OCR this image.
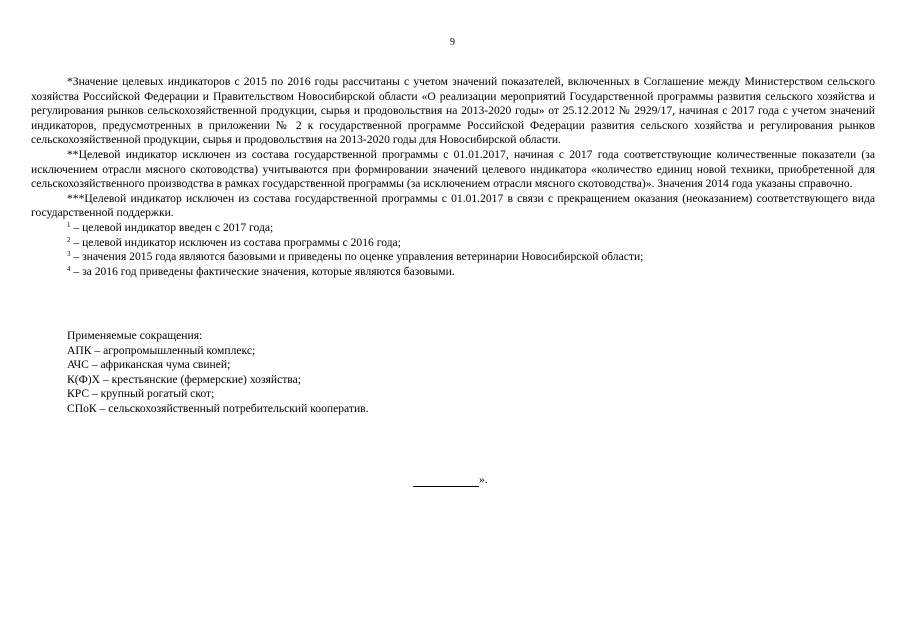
9

*Значение целевых индикаторов с 2015 по 2016 годы рассчитаны с учетом значений показателей, включенных в Соглашение между Министерством сельского хозяйства Российской Федерации и Правительством Новосибирской области «О реализации мероприятий Государственной программы развития сельского хозяйства и регулирования рынков сельскохозяйственной продукции, сырья и продовольствия на 2013-2020 годы» от 25.12.2012 № 2929/17, начиная с 2017 года с учетом значений индикаторов, предусмотренных в приложении № 2 к государственной программе Российской Федерации развития сельского хозяйства и регулирования рынков сельскохозяйственной продукции, сырья и продовольствия на 2013-2020 годы для Новосибирской области.

**Целевой индикатор исключен из состава государственной программы с 01.01.2017, начиная с 2017 года соответствующие количественные показатели (за исключением отрасли мясного скотоводства) учитываются при формировании значений целевого индикатора «количество единиц новой техники, приобретенной для сельскохозяйственного производства в рамках государственной программы (за исключением отрасли мясного скотоводства)». Значения 2014 года указаны справочно.

***Целевой индикатор исключен из состава государственной программы с 01.01.2017 в связи с прекращением оказания (неоказанием) соответствующего вида государственной поддержки.

$^1$ – целевой индикатор введен с 2017 года;
$^2$ – целевой индикатор исключен из состава программы с 2016 года;
$^3$ – значения 2015 года являются базовыми и приведены по оценке управления ветеринарии Новосибирской области;
$^4$ – за 2016 год приведены фактические значения, которые являются базовыми.
Применяемые сокращения:
АПК – агропромышленный комплекс;
АЧС – африканская чума свиней;
К(Ф)Х – крестьянские (фермерские) хозяйства;
КРС – крупный рогатый скот;
СПоК – сельскохозяйственный потребительский кооператив.
».
